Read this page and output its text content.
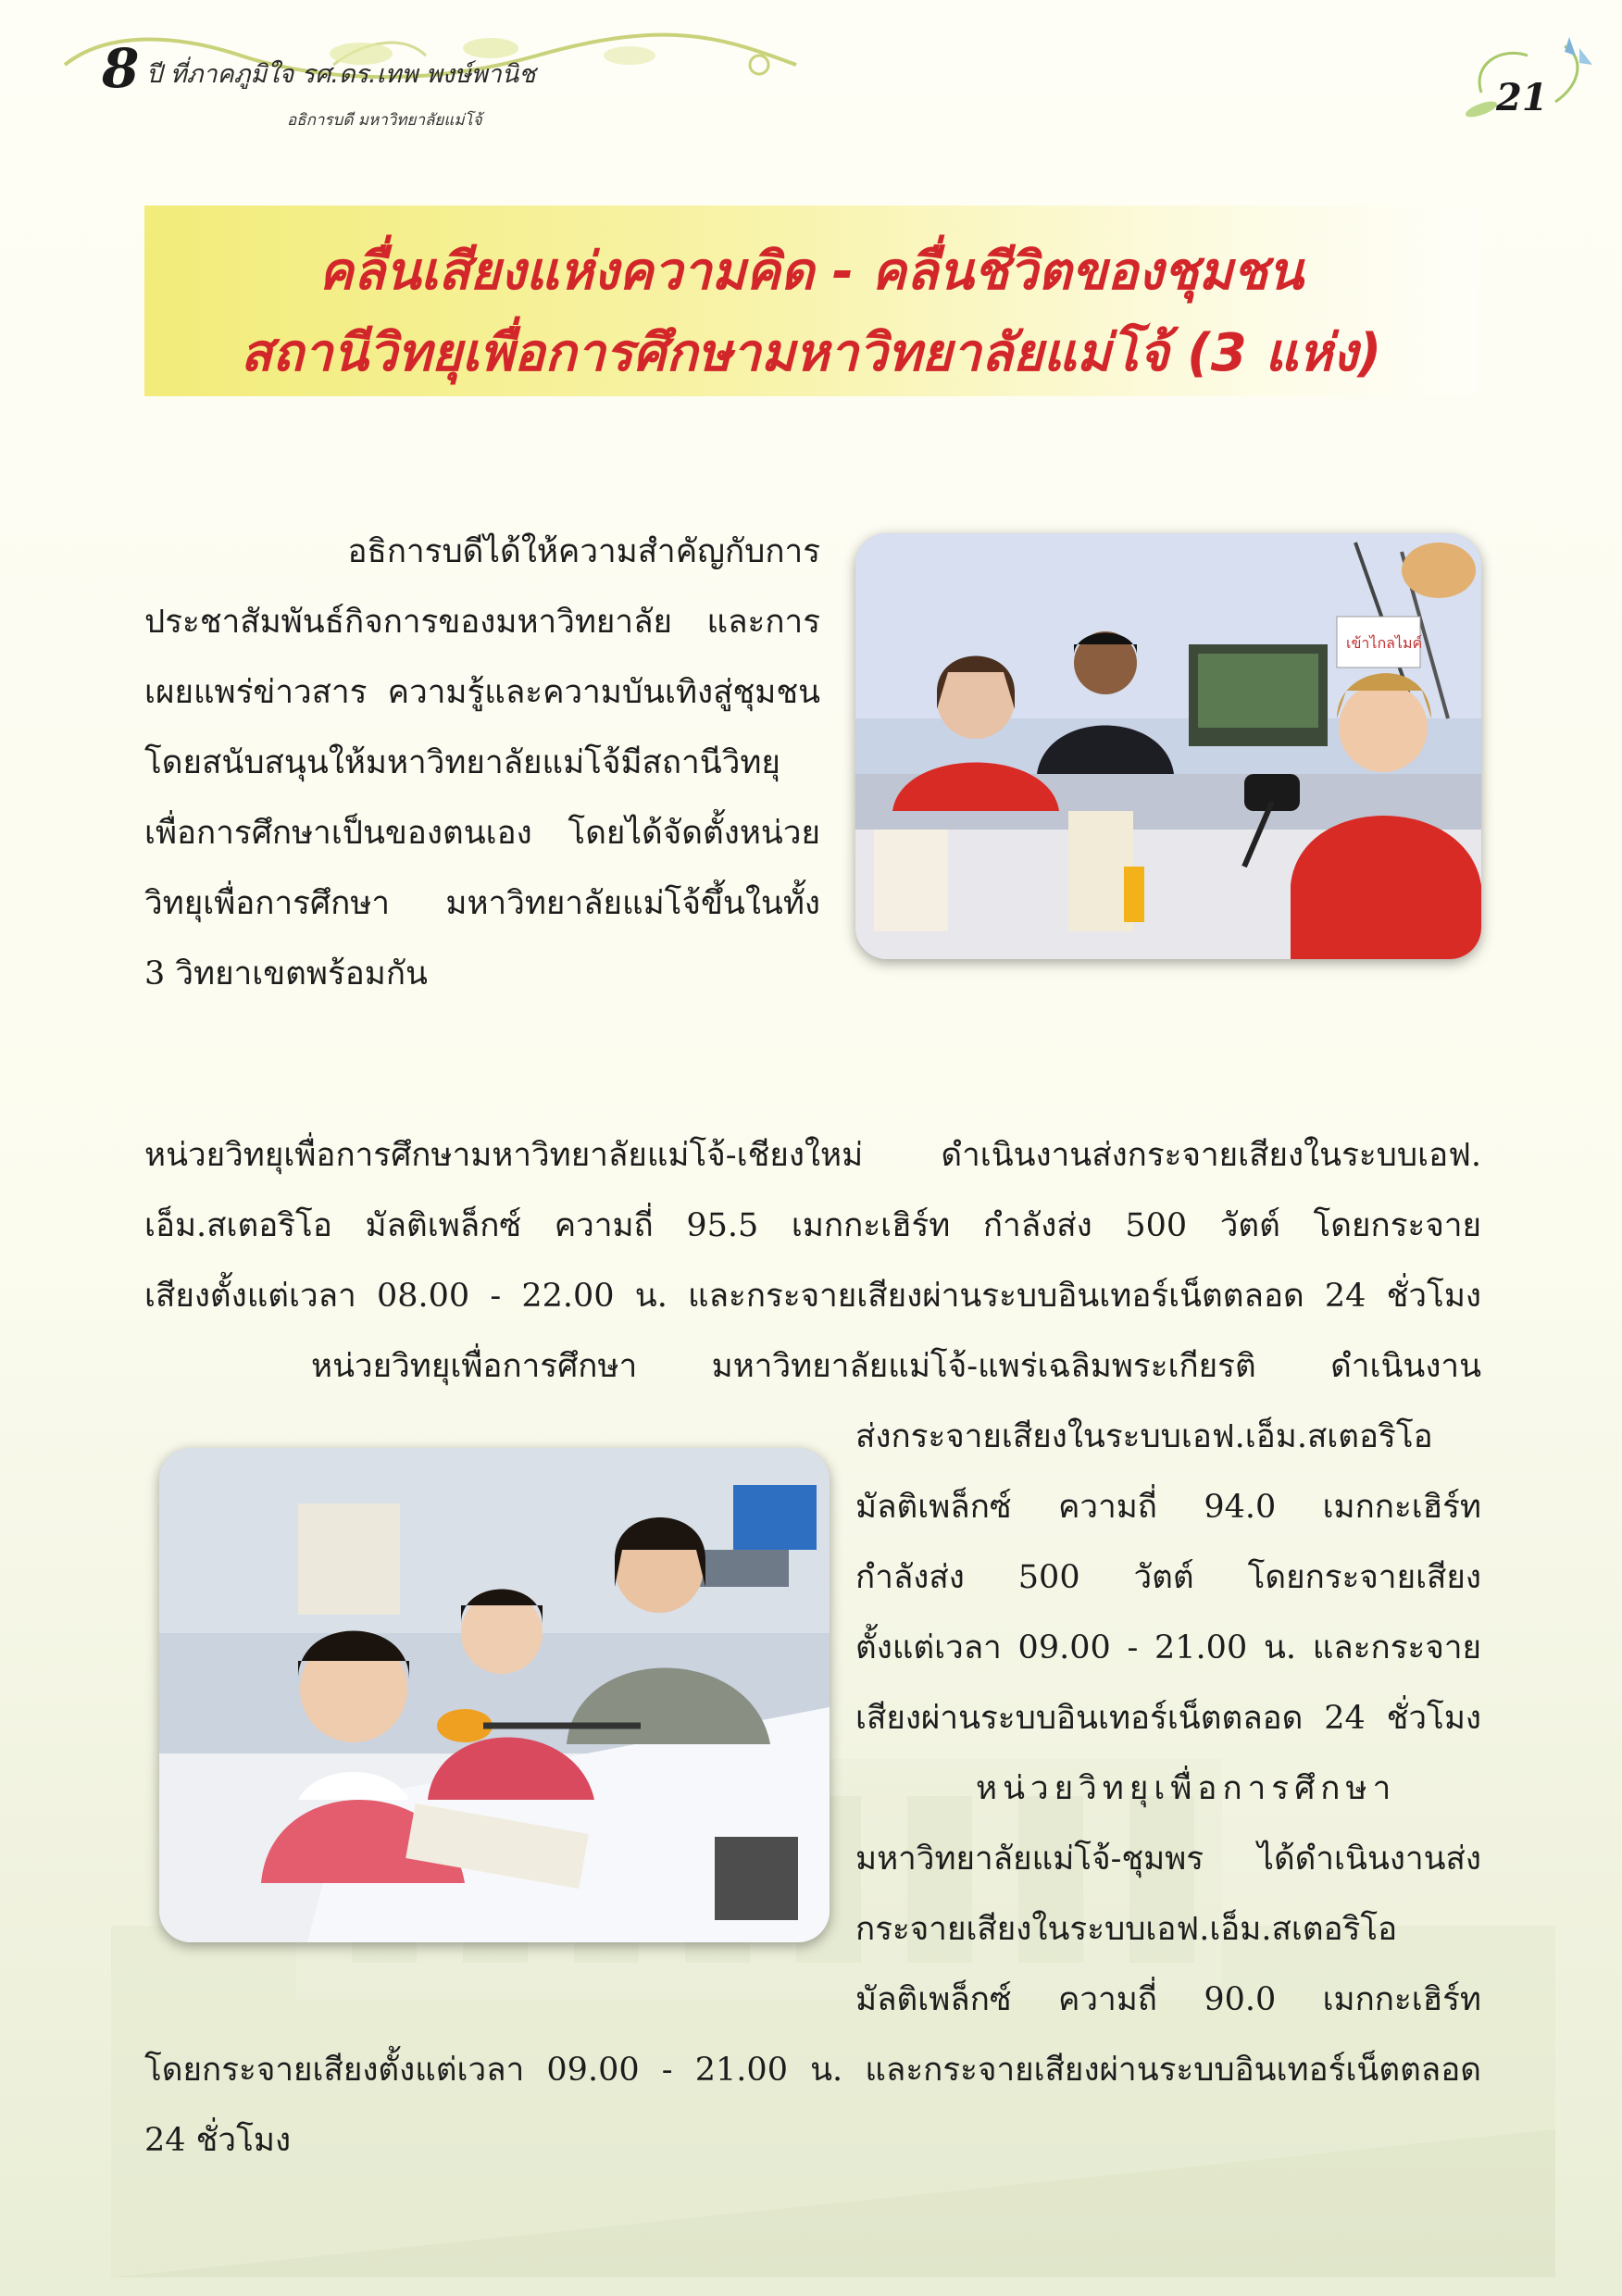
8 ปี ที่ภาคภูมิใจ รศ.ดร.เทพ พงษ์พานิช
อธิการบดี มหาวิทยาลัยแม่โจ้
21
คลื่นเสียงแห่งความคิด - คลื่นชีวิตของชุมชน
สถานีวิทยุเพื่อการศึกษามหาวิทยาลัยแม่โจ้ (3 แห่ง)
อธิการบดีได้ให้ความสำคัญกับการ
ประชาสัมพันธ์กิจการของมหาวิทยาลัย และการ
เผยแพร่ข่าวสาร ความรู้และความบันเทิงสู่ชุมชน
โดยสนับสนุนให้มหาวิทยาลัยแม่โจ้มีสถานีวิทยุ
เพื่อการศึกษาเป็นของตนเอง โดยได้จัดตั้งหน่วย
วิทยุเพื่อการศึกษา มหาวิทยาลัยแม่โจ้ขึ้นในทั้ง
3 วิทยาเขตพร้อมกัน
เข้าไกลไมค์
หน่วยวิทยุเพื่อการศึกษามหาวิทยาลัยแม่โจ้-เชียงใหม่ ดำเนินงานส่งกระจายเสียงในระบบเอฟ.
เอ็ม.สเตอริโอ มัลติเพล็กซ์ ความถี่ 95.5 เมกกะเฮิร์ท กำลังส่ง 500 วัตต์ โดยกระจาย
เสียงตั้งแต่เวลา 08.00 - 22.00 น. และกระจายเสียงผ่านระบบอินเทอร์เน็ตตลอด 24 ชั่วโมง
หน่วยวิทยุเพื่อการศึกษา มหาวิทยาลัยแม่โจ้-แพร่เฉลิมพระเกียรติ ดำเนินงาน
ส่งกระจายเสียงในระบบเอฟ.เอ็ม.สเตอริโอ
มัลติเพล็กซ์ ความถี่ 94.0 เมกกะเฮิร์ท
กำลังส่ง 500 วัตต์ โดยกระจายเสียง
ตั้งแต่เวลา 09.00 - 21.00 น. และกระจาย
เสียงผ่านระบบอินเทอร์เน็ตตลอด 24 ชั่วโมง
หน่วยวิทยุเพื่อการศึกษา
มหาวิทยาลัยแม่โจ้-ชุมพร ได้ดำเนินงานส่ง
กระจายเสียงในระบบเอฟ.เอ็ม.สเตอริโอ
มัลติเพล็กซ์ ความถี่ 90.0 เมกกะเฮิร์ท
โดยกระจายเสียงตั้งแต่เวลา 09.00 - 21.00 น. และกระจายเสียงผ่านระบบอินเทอร์เน็ตตลอด
24 ชั่วโมง
